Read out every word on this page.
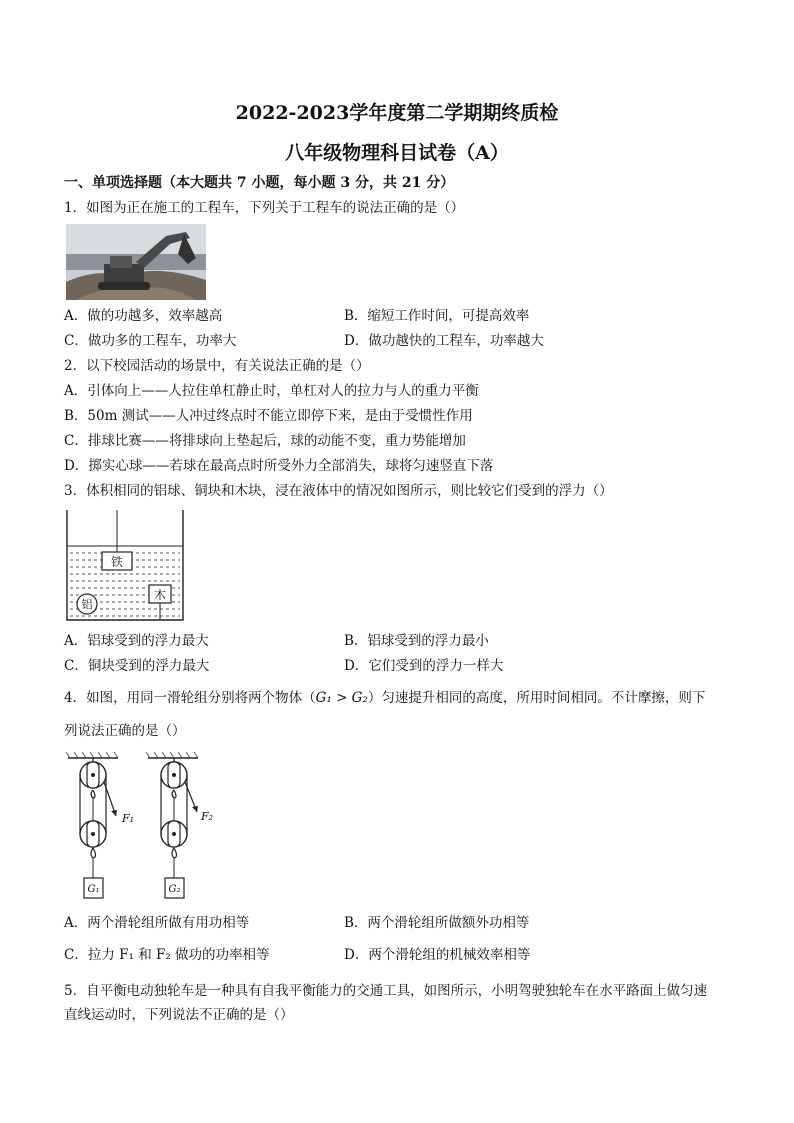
2022-2023学年度第二学期期终质检
八年级物理科目试卷（A）
一、单项选择题（本大题共 7 小题，每小题 3 分，共 21 分）
1．如图为正在施工的工程车，下列关于工程车的说法正确的是（）
A．做的功越多，效率越高	B．缩短工作时间，可提高效率
C．做功多的工程车，功率大	D．做功越快的工程车，功率越大
2．以下校园活动的场景中，有关说法正确的是（）
A．引体向上——人拉住单杠静止时，单杠对人的拉力与人的重力平衡
B．50m 测试——人冲过终点时不能立即停下来，是由于受惯性作用
C．排球比赛——将排球向上垫起后，球的动能不变，重力势能增加
D．掷实心球——若球在最高点时所受外力全部消失，球将匀速竖直下落
3．体积相同的铝球、铜块和木块，浸在液体中的情况如图所示，则比较它们受到的浮力（）
铁
铝
木
A．铝球受到的浮力最大	B．铝球受到的浮力最小
C．铜块受到的浮力最大	D．它们受到的浮力一样大
4．如图，用同一滑轮组分别将两个物体（G₁ > G₂）匀速提升相同的高度，所用时间相同。不计摩擦，则下
列说法正确的是（）
F₁
G₁
F₂
G₂
A．两个滑轮组所做有用功相等	B．两个滑轮组所做额外功相等
C．拉力 F₁ 和 F₂ 做功的功率相等	D．两个滑轮组的机械效率相等
5．自平衡电动独轮车是一种具有自我平衡能力的交通工具，如图所示，小明驾驶独轮车在水平路面上做匀速
直线运动时，下列说法不正确的是（）
